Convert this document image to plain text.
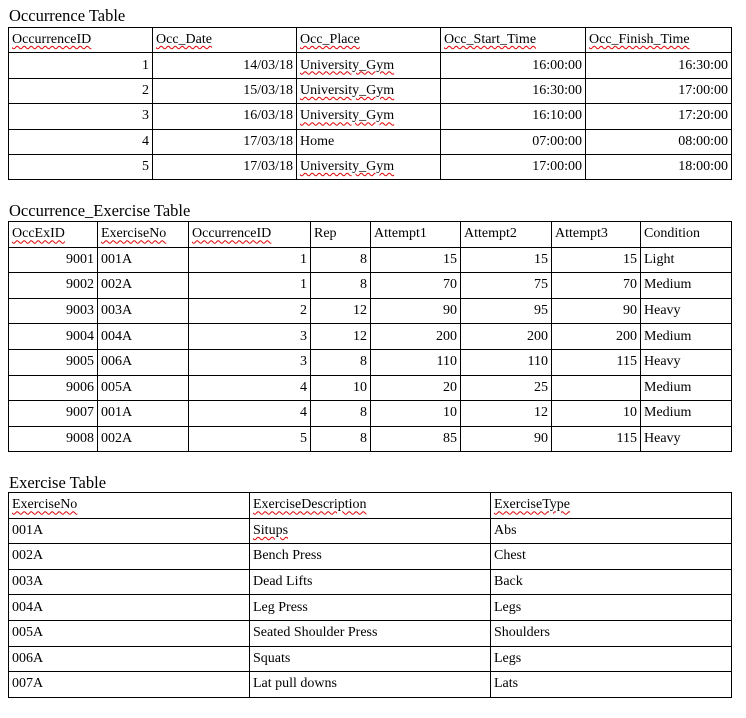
Occurrence Table
OccurrenceID	Occ_Date	Occ_Place	Occ_Start_Time	Occ_Finish_Time
1	14/03/18	University_Gym	16:00:00	16:30:00
2	15/03/18	University_Gym	16:30:00	17:00:00
3	16/03/18	University_Gym	16:10:00	17:20:00
4	17/03/18	Home	07:00:00	08:00:00
5	17/03/18	University_Gym	17:00:00	18:00:00
Occurrence_Exercise Table
OccExID	ExerciseNo	OccurrenceID	Rep	Attempt1	Attempt2	Attempt3	Condition
9001	001A	1	8	15	15	15	Light
9002	002A	1	8	70	75	70	Medium
9003	003A	2	12	90	95	90	Heavy
9004	004A	3	12	200	200	200	Medium
9005	006A	3	8	110	110	115	Heavy
9006	005A	4	10	20	25		Medium
9007	001A	4	8	10	12	10	Medium
9008	002A	5	8	85	90	115	Heavy
Exercise Table
ExerciseNo	ExerciseDescription	ExerciseType
001A	Situps	Abs
002A	Bench Press	Chest
003A	Dead Lifts	Back
004A	Leg Press	Legs
005A	Seated Shoulder Press	Shoulders
006A	Squats	Legs
007A	Lat pull downs	Lats
